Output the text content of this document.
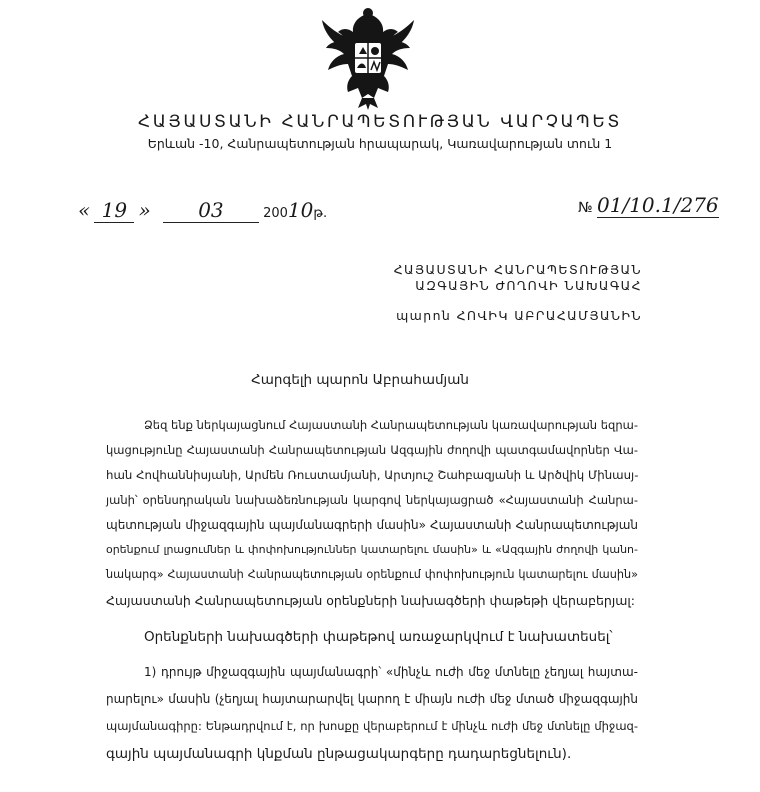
ՀԱՅԱՍՏԱՆԻ ՀԱՆՐԱՊԵՏՈՒԹՅԱՆ ՎԱՐՉԱՊԵՏ
Երևան -10, Հանրապետության հրապարակ, Կառավարության տուն 1
« 19 » 03	20010թ.	№ 01/10.1/276
ՀԱՅԱՍՏԱՆԻ ՀԱՆՐԱՊԵՏՈՒԹՅԱՆ
ԱԶԳԱՅԻՆ ԺՈՂՈՎԻ ՆԱԽԱԳԱՀ
պարոն ՀՈՎԻԿ ԱԲՐԱՀԱՄՅԱՆԻՆ
Հարգելի պարոն Աբրահամյան
Ձեզ ենք ներկայացնում Հայաստանի Հանրապետության կառավարության եզրա-
կացությունը Հայաստանի Հանրապետության Ազգային ժողովի պատգամավորներ Վա-
հան Հովհաննիսյանի, Արմեն Ռուստամյանի, Արտյուշ Շահբազյանի և Արծվիկ Մինասյ-
յանի՝ օրենսդրական նախաձեռնության կարգով ներկայացրած «Հայաստանի Հանրա-
պետության միջազգային պայմանագրերի մասին» Հայաստանի Հանրապետության
օրենքում լրացումներ և փոփոխություններ կատարելու մասին» և «Ազգային ժողովի կանո-
նակարգ» Հայաստանի Հանրապետության օրենքում փոփոխություն կատարելու մասին»
Հայաստանի Հանրապետության օրենքների նախագծերի փաթեթի վերաբերյալ:
Օրենքների նախագծերի փաթեթով առաջարկվում է նախատեսել՝
1) դրույթ միջազգային պայմանագրի՝ «մինչև ուժի մեջ մտնելը չեղյալ հայտա-
րարելու» մասին (չեղյալ հայտարարվել կարող է միայն ուժի մեջ մտած միջազգային
պայմանագիրը: Ենթադրվում է, որ խոսքը վերաբերում է մինչև ուժի մեջ մտնելը միջազ-
գային պայմանագրի կնքման ընթացակարգերը դադարեցնելուն).
